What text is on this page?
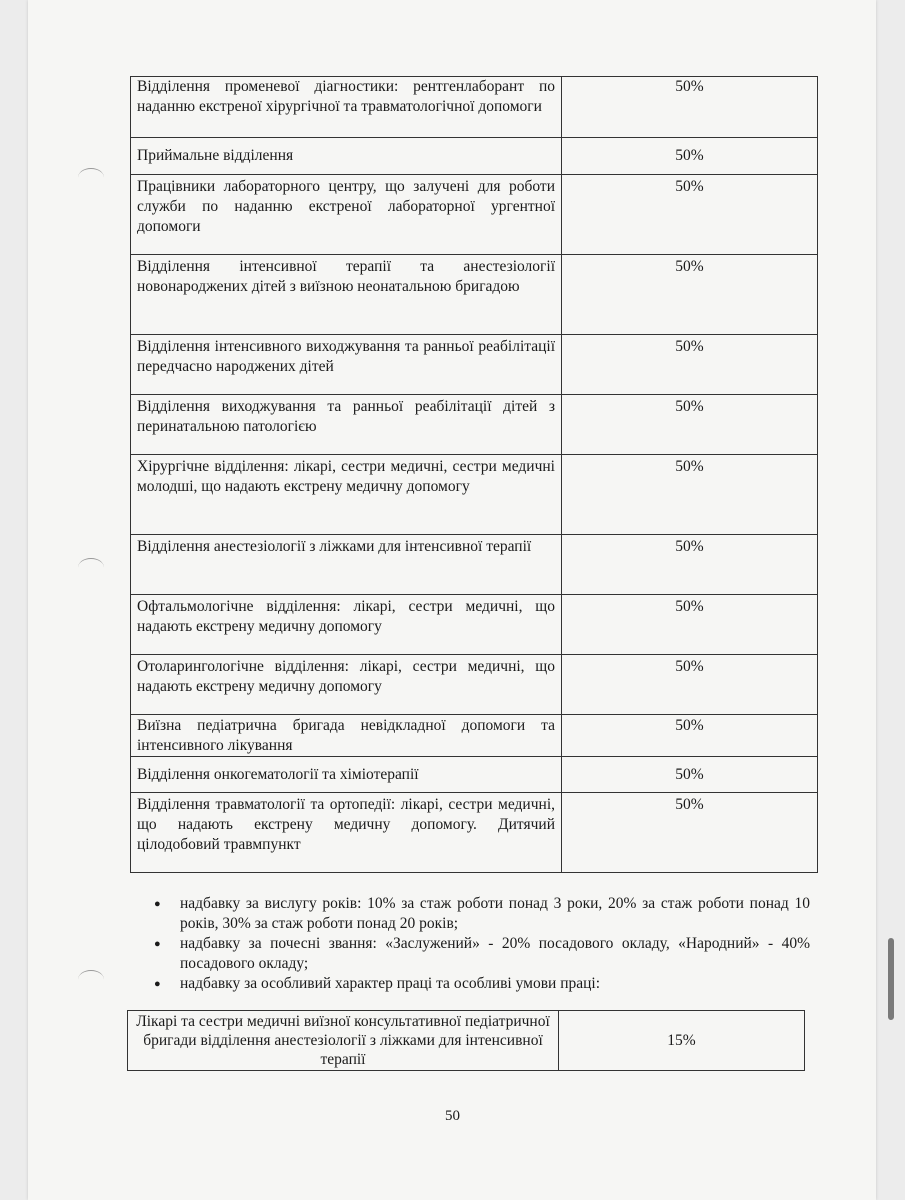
Відділення променевої діагностики: рентгенлаборант по наданню екстреної хірургічної та травматологічної допомоги	50%
Приймальне відділення	50%
Працівники лабораторного центру, що залучені для роботи служби по наданню екстреної лабораторної ургентної допомоги	50%
Відділення інтенсивної терапії та анестезіології новонароджених дітей з виїзною неонатальною бригадою	50%
Відділення інтенсивного виходжування та ранньої реабілітації передчасно народжених дітей	50%
Відділення виходжування та ранньої реабілітації дітей з перинатальною патологією	50%
Хірургічне відділення: лікарі, сестри медичні, сестри медичні молодші, що надають екстрену медичну допомогу	50%
Відділення анестезіології з ліжками для інтенсивної терапії	50%
Офтальмологічне відділення: лікарі, сестри медичні, що надають екстрену медичну допомогу	50%
Отоларингологічне відділення: лікарі, сестри медичні, що надають екстрену медичну допомогу	50%
Виїзна педіатрична бригада невідкладної допомоги та інтенсивного лікування	50%
Відділення онкогематології та хіміотерапії	50%
Відділення травматології та ортопедії: лікарі, сестри медичні, що надають екстрену медичну допомогу. Дитячий цілодобовий травмпункт	50%
● надбавку за вислугу років: 10% за стаж роботи понад 3 роки, 20% за стаж роботи понад 10 років, 30% за стаж роботи понад 20 років;
● надбавку за почесні звання: «Заслужений» - 20% посадового окладу, «Народний» - 40% посадового окладу;
● надбавку за особливий характер праці та особливі умови праці:
Лікарі та сестри медичні виїзної консультативної педіатричної бригади відділення анестезіології з ліжками для інтенсивної терапії	15%
50
